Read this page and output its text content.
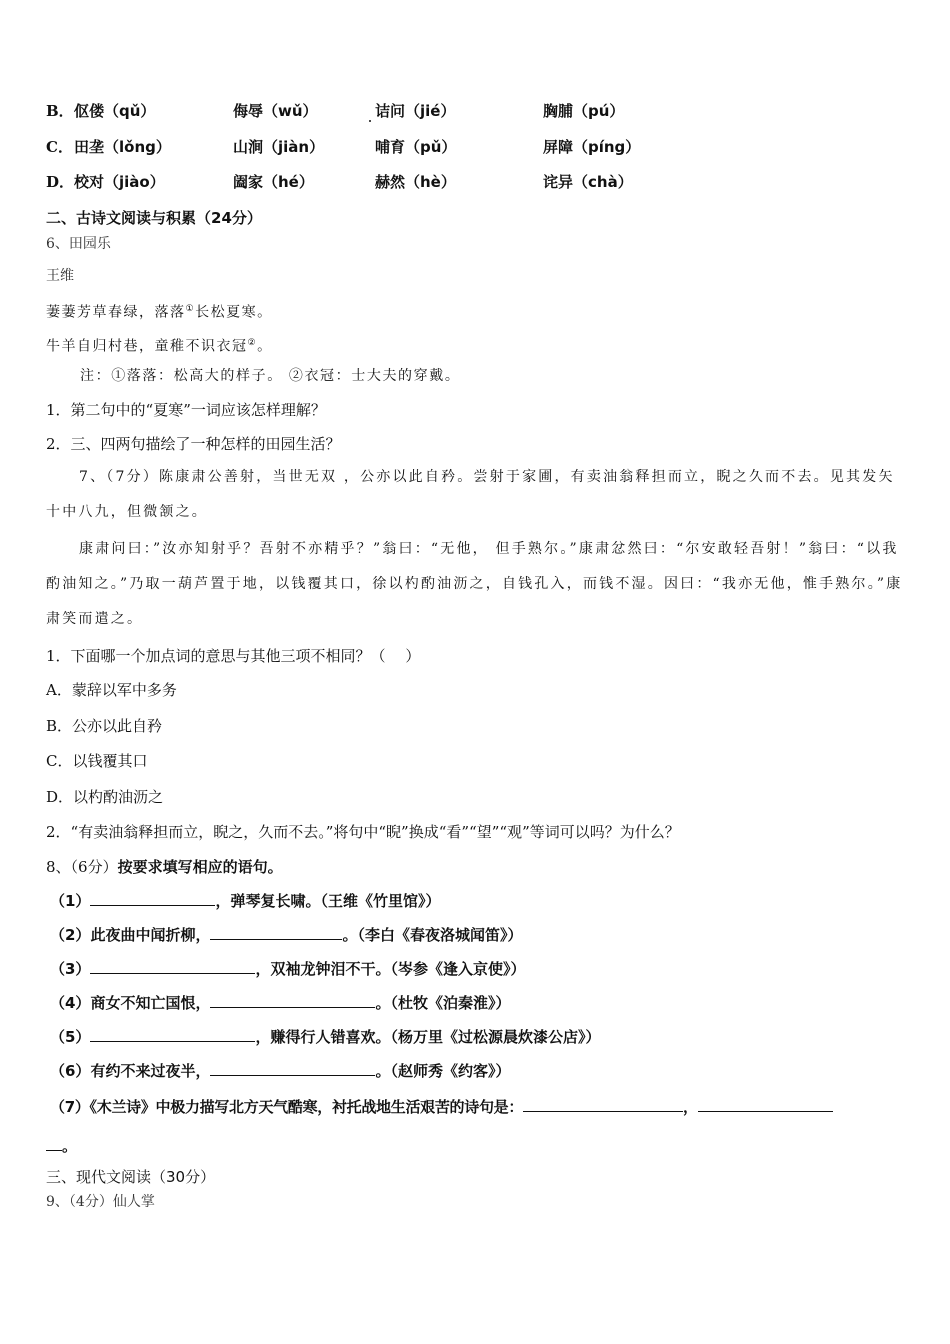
B． 伛偻（qǔ）	侮辱（wǔ）	诘问（jié）	胸脯（pú）
C． 田垄（lǒng）	山涧（jiàn）	哺育（pǔ）	屏障（píng）
D． 校对（jiào）	阖家（hé）	赫然（hè）	诧异（chà）
二、古诗文阅读与积累（24分）
6、田园乐
王维
萋萋芳草春绿，落落①长松夏寒。
牛羊自归村巷，童稚不识衣冠②。
注：①落落：松高大的样子。 ②衣冠：士大夫的穿戴。
1．第二句中的“夏寒”一词应该怎样理解？
2．三、四两句描绘了一种怎样的田园生活？
7、（7分）陈康肃公善射，当世无双 ，公亦以此自矜。尝射于家圃，有卖油翁释担而立，睨之久而不去。见其发矢十中八九，但微颔之。
康肃问曰：”汝亦知射乎？吾射不亦精乎？”翁曰：“无他， 但手熟尔。”康肃忿然曰：“尔安敢轻吾射！”翁曰：“以我酌油知之。”乃取一葫芦置于地，以钱覆其口，徐以杓酌油沥之，自钱孔入，而钱不湿。因曰：“我亦无他，惟手熟尔。”康肃笑而遣之。
1．下面哪一个加点词的意思与其他三项不相同？（　 ）
A．蒙辞以军中多务
B．公亦以此自矜
C．以钱覆其口
D．以杓酌油沥之
2．“有卖油翁释担而立，睨之，久而不去。”将句中“睨”换成“看”“望”“观”等词可以吗？为什么？
8、（6分）按要求填写相应的语句。
（1）	，弹琴复长啸。（王维《竹里馆》）
（2）此夜曲中闻折柳，	。（李白《春夜洛城闻笛》）
（3）	，双袖龙钟泪不干。（岑参《逢入京使》）
（4）商女不知亡国恨，	。（杜牧《泊秦淮》）
（5）	，赚得行人错喜欢。（杨万里《过松源晨炊漆公店》）
（6）有约不来过夜半，	。（赵师秀《约客》）
（7）《木兰诗》中极力描写北方天气酷寒，衬托战地生活艰苦的诗句是：	，
。
三、现代文阅读（30分）
9、（4分）仙人掌
